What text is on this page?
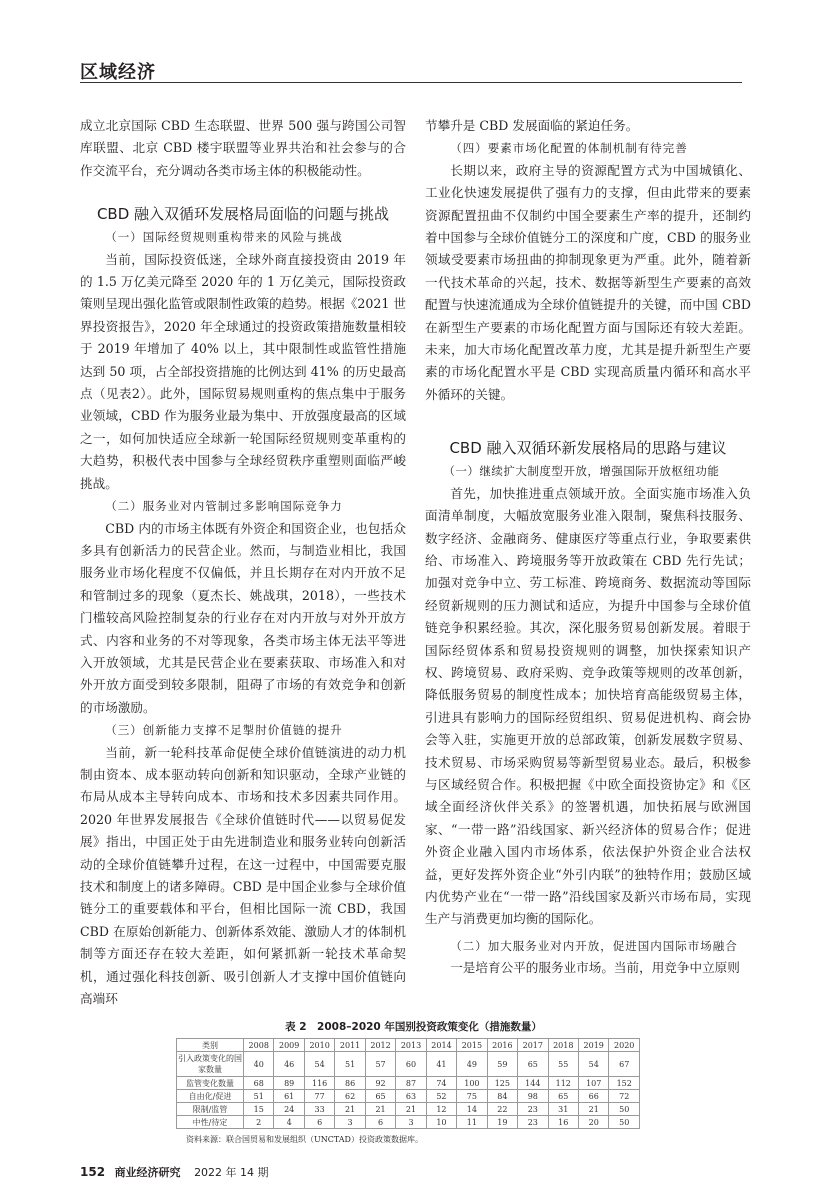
区域经济

成立北京国际 CBD 生态联盟、世界 500 强与跨国公司智库联盟、北京 CBD 楼宇联盟等业界共治和社会参与的合作交流平台，充分调动各类市场主体的积极能动性。

CBD 融入双循环发展格局面临的问题与挑战
（一）国际经贸规则重构带来的风险与挑战

当前，国际投资低迷，全球外商直接投资由 2019 年的 1.5 万亿美元降至 2020 年的 1 万亿美元，国际投资政策则呈现出强化监管或限制性政策的趋势。根据《2021 世界投资报告》，2020 年全球通过的投资政策措施数量相较于 2019 年增加了 40% 以上，其中限制性或监管性措施达到 50 项，占全部投资措施的比例达到 41% 的历史最高点（见表2）。此外，国际贸易规则重构的焦点集中于服务业领域，CBD 作为服务业最为集中、开放强度最高的区域之一，如何加快适应全球新一轮国际经贸规则变革重构的大趋势，积极代表中国参与全球经贸秩序重塑则面临严峻挑战。

（二）服务业对内管制过多影响国际竞争力

CBD 内的市场主体既有外资企和国资企业，也包括众多具有创新活力的民营企业。然而，与制造业相比，我国服务业市场化程度不仅偏低，并且长期存在对内开放不足和管制过多的现象（夏杰长、姚战琪，2018），一些技术门槛较高风险控制复杂的行业存在对内开放与对外开放方式、内容和业务的不对等现象，各类市场主体无法平等进入开放领域，尤其是民营企业在要素获取、市场准入和对外开放方面受到较多限制，阻碍了市场的有效竞争和创新的市场激励。

（三）创新能力支撑不足掣肘价值链的提升

当前，新一轮科技革命促使全球价值链演进的动力机制由资本、成本驱动转向创新和知识驱动，全球产业链的布局从成本主导转向成本、市场和技术多因素共同作用。2020 年世界发展报告《全球价值链时代——以贸易促发展》指出，中国正处于由先进制造业和服务业转向创新活动的全球价值链攀升过程，在这一过程中，中国需要克服技术和制度上的诸多障碍。CBD 是中国企业参与全球价值链分工的重要载体和平台，但相比国际一流 CBD，我国 CBD 在原始创新能力、创新体系效能、激励人才的体制机制等方面还存在较大差距，如何紧抓新一轮技术革命契机，通过强化科技创新、吸引创新人才支撑中国价值链向高端环

节攀升是 CBD 发展面临的紧迫任务。

（四）要素市场化配置的体制机制有待完善

长期以来，政府主导的资源配置方式为中国城镇化、工业化快速发展提供了强有力的支撑，但由此带来的要素资源配置扭曲不仅制约中国全要素生产率的提升，还制约着中国参与全球价值链分工的深度和广度，CBD 的服务业领域受要素市场扭曲的抑制现象更为严重。此外，随着新一代技术革命的兴起，技术、数据等新型生产要素的高效配置与快速流通成为全球价值链提升的关键，而中国 CBD 在新型生产要素的市场化配置方面与国际还有较大差距。未来，加大市场化配置改革力度，尤其是提升新型生产要素的市场化配置水平是 CBD 实现高质量内循环和高水平外循环的关键。

CBD 融入双循环新发展格局的思路与建议
（一）继续扩大制度型开放，增强国际开放枢纽功能

首先，加快推进重点领域开放。全面实施市场准入负面清单制度，大幅放宽服务业准入限制，聚焦科技服务、数字经济、金融商务、健康医疗等重点行业，争取要素供给、市场准入、跨境服务等开放政策在 CBD 先行先试；加强对竞争中立、劳工标准、跨境商务、数据流动等国际经贸新规则的压力测试和适应，为提升中国参与全球价值链竞争积累经验。其次，深化服务贸易创新发展。着眼于国际经贸体系和贸易投资规则的调整，加快探索知识产权、跨境贸易、政府采购、竞争政策等规则的改革创新，降低服务贸易的制度性成本；加快培育高能级贸易主体，引进具有影响力的国际经贸组织、贸易促进机构、商会协会等入驻，实施更开放的总部政策，创新发展数字贸易、技术贸易、市场采购贸易等新型贸易业态。最后，积极参与区域经贸合作。积极把握《中欧全面投资协定》和《区域全面经济伙伴关系》的签署机遇，加快拓展与欧洲国家、“一带一路”沿线国家、新兴经济体的贸易合作；促进外资企业融入国内市场体系，依法保护外资企业合法权益，更好发挥外资企业“外引内联”的独特作用；鼓励区域内优势产业在“一带一路”沿线国家及新兴市场布局，实现生产与消费更加均衡的国际化。

（二）加大服务业对内开放，促进国内国际市场融合

一是培育公平的服务业市场。当前，用竞争中立原则

表 2　2008–2020 年国别投资政策变化（措施数量）
类别	2008	2009	2010	2011	2012	2013	2014	2015	2016	2017	2018	2019	2020
引入政策变化的国家数量	40	46	54	51	57	60	41	49	59	65	55	54	67
监管变化数量	68	89	116	86	92	87	74	100	125	144	112	107	152
自由化/促进	51	61	77	62	65	63	52	75	84	98	65	66	72
限制/监管	15	24	33	21	21	21	12	14	22	23	31	21	50
中性/待定	2	4	6	3	6	3	10	11	19	23	16	20	50
资料来源：联合国贸易和发展组织（UNCTAD）投资政策数据库。
152 商业经济研究 2022 年 14 期
